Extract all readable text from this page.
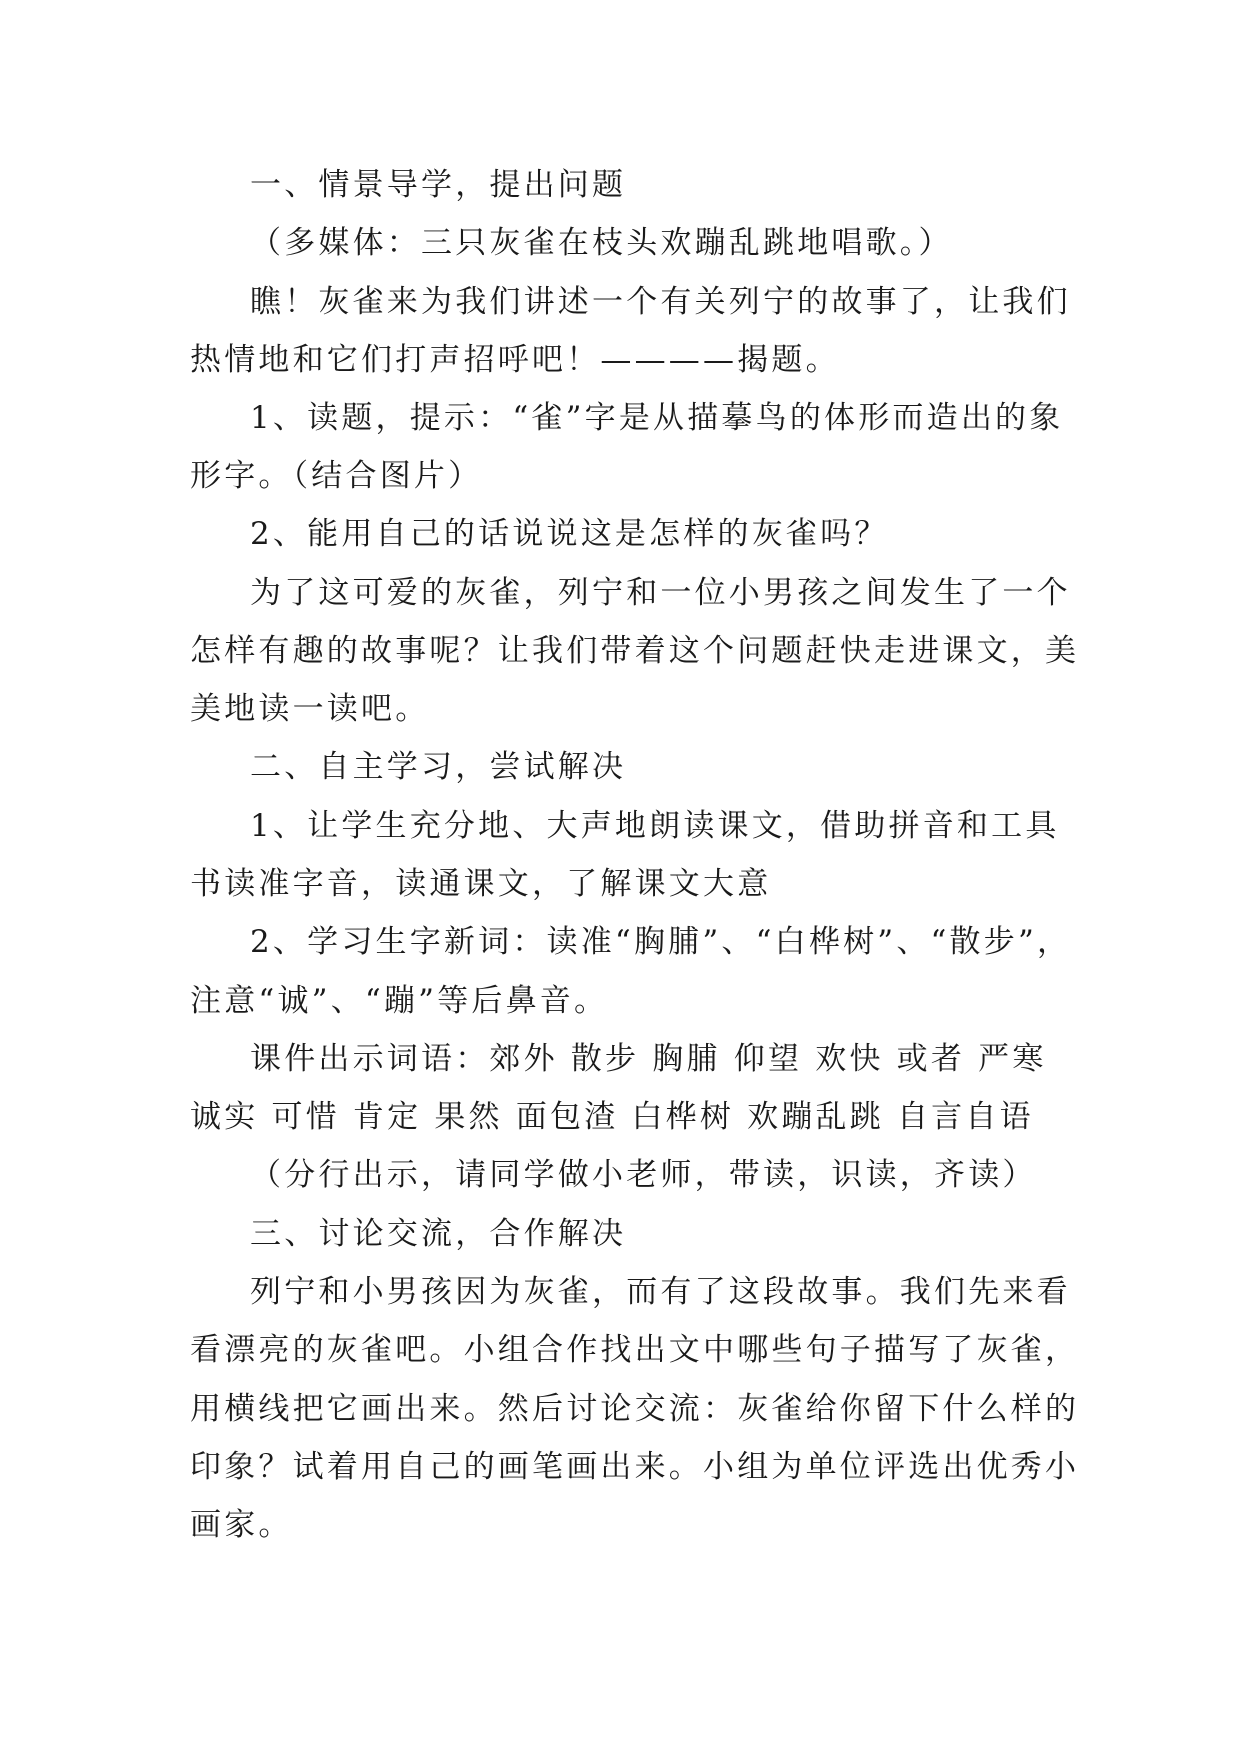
一、情景导学，提出问题
（多媒体：三只灰雀在枝头欢蹦乱跳地唱歌。）
瞧！灰雀来为我们讲述一个有关列宁的故事了，让我们
热情地和它们打声招呼吧！————揭题。
1、读题，提示：“雀”字是从描摹鸟的体形而造出的象
形字。（结合图片）
2、能用自己的话说说这是怎样的灰雀吗？
为了这可爱的灰雀，列宁和一位小男孩之间发生了一个
怎样有趣的故事呢？让我们带着这个问题赶快走进课文，美
美地读一读吧。
二、自主学习，尝试解决
1、让学生充分地、大声地朗读课文，借助拼音和工具
书读准字音，读通课文，了解课文大意
2、学习生字新词：读准“胸脯”、“白桦树”、“散步”，
注意“诚”、“蹦”等后鼻音。
课件出示词语：郊外 散步 胸脯 仰望 欢快 或者 严寒
诚实 可惜 肯定 果然 面包渣 白桦树 欢蹦乱跳 自言自语
（分行出示，请同学做小老师，带读，识读，齐读）
三、讨论交流，合作解决
列宁和小男孩因为灰雀，而有了这段故事。我们先来看
看漂亮的灰雀吧。小组合作找出文中哪些句子描写了灰雀，
用横线把它画出来。然后讨论交流：灰雀给你留下什么样的
印象？试着用自己的画笔画出来。小组为单位评选出优秀小
画家。
